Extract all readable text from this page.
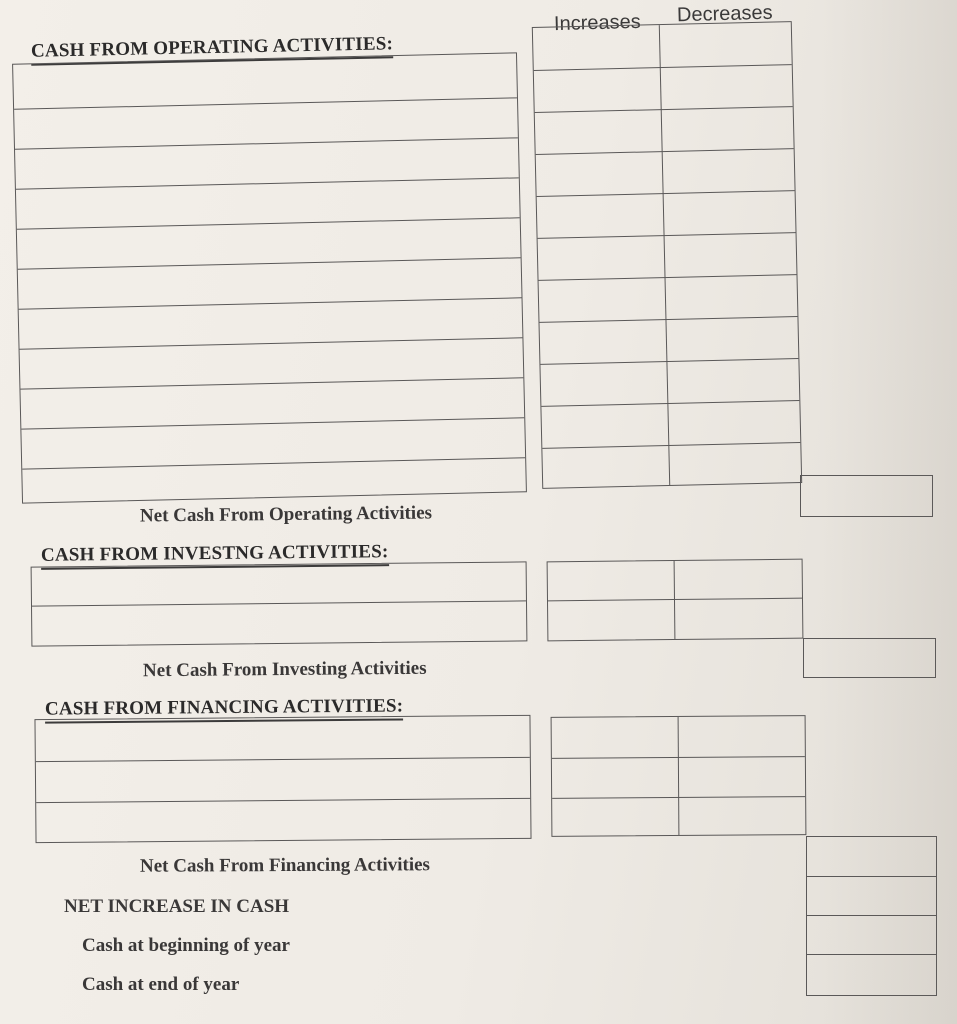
Increases Decreases
CASH FROM OPERATING ACTIVITIES:
Net Cash From Operating Activities
CASH FROM INVESTNG ACTIVITIES:
Net Cash From Investing Activities
CASH FROM FINANCING ACTIVITIES:
Net Cash From Financing Activities
NET INCREASE IN CASH
Cash at beginning of year
Cash at end of year
